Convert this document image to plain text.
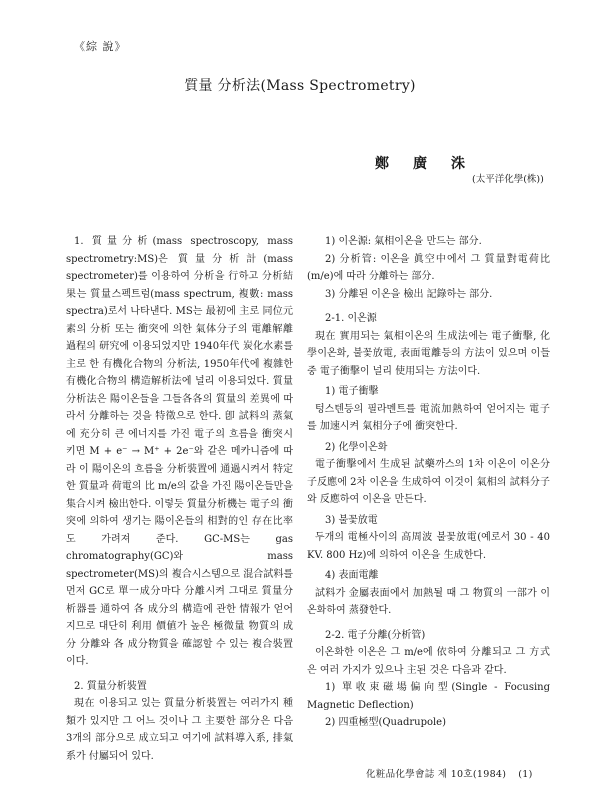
《綜 說》
質量 分析法(Mass Spectrometry)
鄭廣洙
(太平洋化學(株))

1. 質量分析(mass spectroscopy, mass spectrometry:MS)은 質量分析計(mass spectrometer)를 이용하여 分析을 行하고 分析結果는 質量스펙트럼(mass spectrum, 複數: mass spectra)로서 나타낸다. MS는 最初에 主로 同位元素의 分析 또는 衝突에 의한 氣体分子의 電離解離 過程의 研究에 이용되었지만 1940年代 炭化水素를 主로 한 有機化合物의 分析法, 1950年代에 複雜한 有機化合物의 構造解析法에 널리 이용되었다. 質量分析法은 陽이온들을 그들各各의 質量의 差異에 따라서 分離하는 것을 特徵으로 한다. 卽 試料의 蒸氣에 充分히 큰 에너지를 가진 電子의 흐름을 衝突시키면 M + e⁻ → M⁺ + 2e⁻와 같은 메카니즘에 따라 이 陽이온의 흐름을 分析裝置에 通過시켜서 特定한 質量과 荷電의 比 m/e의 값을 가진 陽이온들만을 集合시켜 檢出한다. 이렇듯 質量分析機는 電子의 衝突에 의하여 생기는 陽이온들의 相對的인 存在比率도 가려져 준다. GC-MS는 gas chromatography(GC)와 mass spectrometer(MS)의 複合시스템으로 混合試料를 먼저 GC로 單一成分마다 分離시켜 그대로 質量分析器를 通하여 各 成分의 構造에 관한 情報가 얻어지므로 대단히 利用 價値가 높은 極微量 物質의 成分 分離와 各 成分物質을 確認할 수 있는 複合裝置이다.

2. 質量分析裝置

現在 이용되고 있는 質量分析裝置는 여러가지 種類가 있지만 그 어느 것이나 그 主要한 部分은 다음 3개의 部分으로 成立되고 여기에 試料導入系, 排氣系가 付屬되어 있다.

1) 이온源: 氣相이온을 만드는 部分.

2) 分析管: 이온을 眞空中에서 그 質量對電荷比(m/e)에 따라 分離하는 部分.

3) 分離된 이온을 檢出 記錄하는 部分.

2-1. 이온源

現在 實用되는 氣相이온의 生成法에는 電子衝擊, 化學이온화, 불꽃放電, 表面電離등의 方法이 있으며 이들 중 電子衝擊이 널리 使用되는 方法이다.

1) 電子衝擊

텅스텐등의 필라멘트를 電流加熱하여 얻어지는 電子를 加速시켜 氣相分子에 衝突한다.

2) 化學이온화

電子衝擊에서 生成된 試藥까스의 1차 이온이 이온分子反應에 2차 이온을 生成하여 이것이 氣相의 試料分子와 反應하여 이온을 만든다.

3) 불꽃放電

두개의 電極사이의 高周波 불꽃放電(예로서 30 - 40 KV. 800 Hz)에 의하여 이온을 生成한다.

4) 表面電離

試料가 金屬表面에서 加熱될 때 그 物質의 一部가 이온화하여 蒸發한다.

2-2. 電子分離(分析管)

이온화한 이온은 그 m/e에 依하여 分離되고 그 方式은 여러 가지가 있으나 主된 것은 다음과 같다.

1) 單收束磁場偏向型(Single - Focusing Magnetic Deflection)

2) 四重極型(Quadrupole)

化粧品化學會誌 제 10호(1984) (1)
